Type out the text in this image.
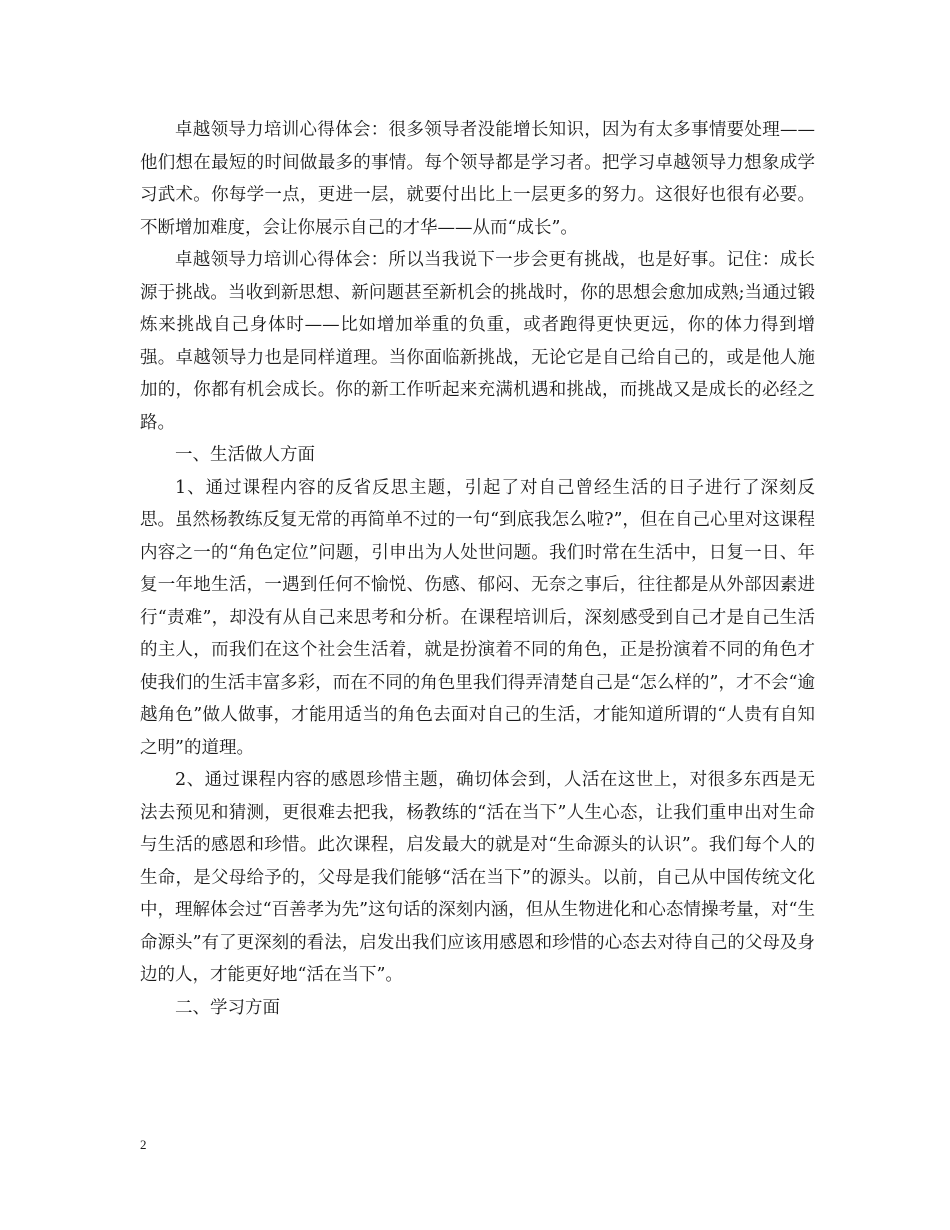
卓越领导力培训心得体会：很多领导者没能增长知识，因为有太多事情要处理——他们想在最短的时间做最多的事情。每个领导都是学习者。把学习卓越领导力想象成学习武术。你每学一点，更进一层，就要付出比上一层更多的努力。这很好也很有必要。不断增加难度，会让你展示自己的才华——从而“成长”。

卓越领导力培训心得体会：所以当我说下一步会更有挑战，也是好事。记住：成长源于挑战。当收到新思想、新问题甚至新机会的挑战时，你的思想会愈加成熟;当通过锻炼来挑战自己身体时——比如增加举重的负重，或者跑得更快更远，你的体力得到增强。卓越领导力也是同样道理。当你面临新挑战，无论它是自己给自己的，或是他人施加的，你都有机会成长。你的新工作听起来充满机遇和挑战，而挑战又是成长的必经之路。

一、生活做人方面

1、通过课程内容的反省反思主题，引起了对自己曾经生活的日子进行了深刻反思。虽然杨教练反复无常的再简单不过的一句“到底我怎么啦?”，但在自己心里对这课程内容之一的“角色定位”问题，引申出为人处世问题。我们时常在生活中，日复一日、年复一年地生活，一遇到任何不愉悦、伤感、郁闷、无奈之事后，往往都是从外部因素进行“责难”，却没有从自己来思考和分析。在课程培训后，深刻感受到自己才是自己生活的主人，而我们在这个社会生活着，就是扮演着不同的角色，正是扮演着不同的角色才使我们的生活丰富多彩，而在不同的角色里我们得弄清楚自己是“怎么样的”，才不会“逾越角色”做人做事，才能用适当的角色去面对自己的生活，才能知道所谓的“人贵有自知之明”的道理。

2、通过课程内容的感恩珍惜主题，确切体会到，人活在这世上，对很多东西是无法去预见和猜测，更很难去把我，杨教练的“活在当下”人生心态，让我们重申出对生命与生活的感恩和珍惜。此次课程，启发最大的就是对“生命源头的认识”。我们每个人的生命，是父母给予的，父母是我们能够“活在当下”的源头。以前，自己从中国传统文化中，理解体会过“百善孝为先”这句话的深刻内涵，但从生物进化和心态情操考量，对“生命源头”有了更深刻的看法，启发出我们应该用感恩和珍惜的心态去对待自己的父母及身边的人，才能更好地“活在当下”。

二、学习方面

2
